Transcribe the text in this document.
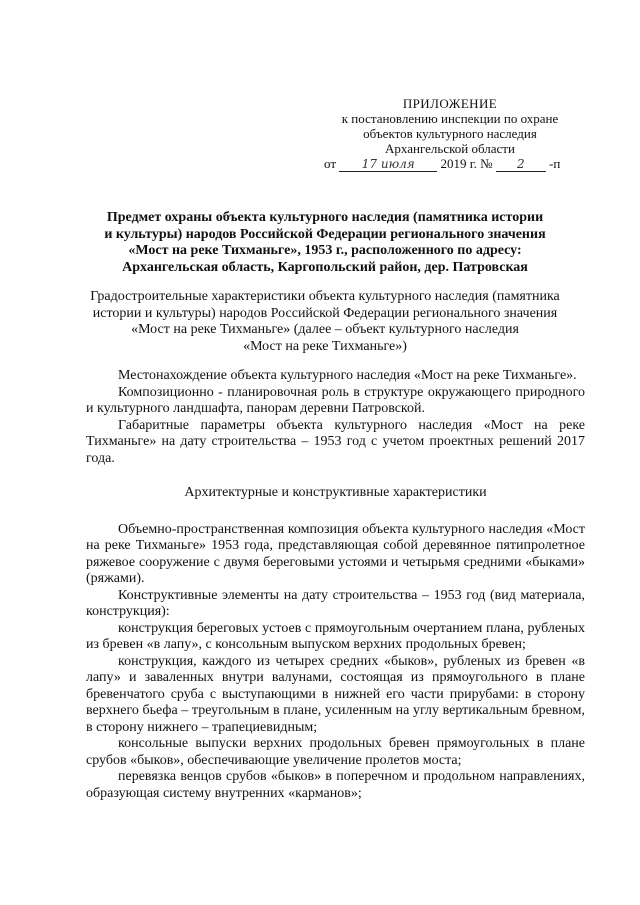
ПРИЛОЖЕНИЕ
к постановлению инспекции по охране
объектов культурного наследия
Архангельской области
от 17 июля 2019 г. № 2 -п
Предмет охраны объекта культурного наследия (памятника истории
и культуры) народов Российской Федерации регионального значения
«Мост на реке Тихманьге», 1953 г., расположенного по адресу:
Архангельская область, Каргопольский район, дер. Патровская
Градостроительные характеристики объекта культурного наследия (памятника
истории и культуры) народов Российской Федерации регионального значения
«Мост на реке Тихманьге» (далее – объект культурного наследия
«Мост на реке Тихманьге»)

Местонахождение объекта культурного наследия «Мост на реке Тихманьге».

Композиционно - планировочная роль в структуре окружающего природного и культурного ландшафта, панорам деревни Патровской.

Габаритные параметры объекта культурного наследия «Мост на реке Тихманьге» на дату строительства – 1953 год с учетом проектных решений 2017 года.

Архитектурные и конструктивные характеристики

Объемно-пространственная композиция объекта культурного наследия «Мост на реке Тихманьге» 1953 года, представляющая собой деревянное пятипролетное ряжевое сооружение с двумя береговыми устоями и четырьмя средними «быками» (ряжами).

Конструктивные элементы на дату строительства – 1953 год (вид материала, конструкция):

конструкция береговых устоев с прямоугольным очертанием плана, рубленых из бревен «в лапу», с консольным выпуском верхних продольных бревен;

конструкция, каждого из четырех средних «быков», рубленых из бревен «в лапу» и заваленных внутри валунами, состоящая из прямоугольного в плане бревенчатого сруба с выступающими в нижней его части прирубами: в сторону верхнего бьефа – треугольным в плане, усиленным на углу вертикальным бревном, в сторону нижнего – трапециевидным;

консольные выпуски верхних продольных бревен прямоугольных в плане срубов «быков», обеспечивающие увеличение пролетов моста;

перевязка венцов срубов «быков» в поперечном и продольном направлениях, образующая систему внутренних «карманов»;
